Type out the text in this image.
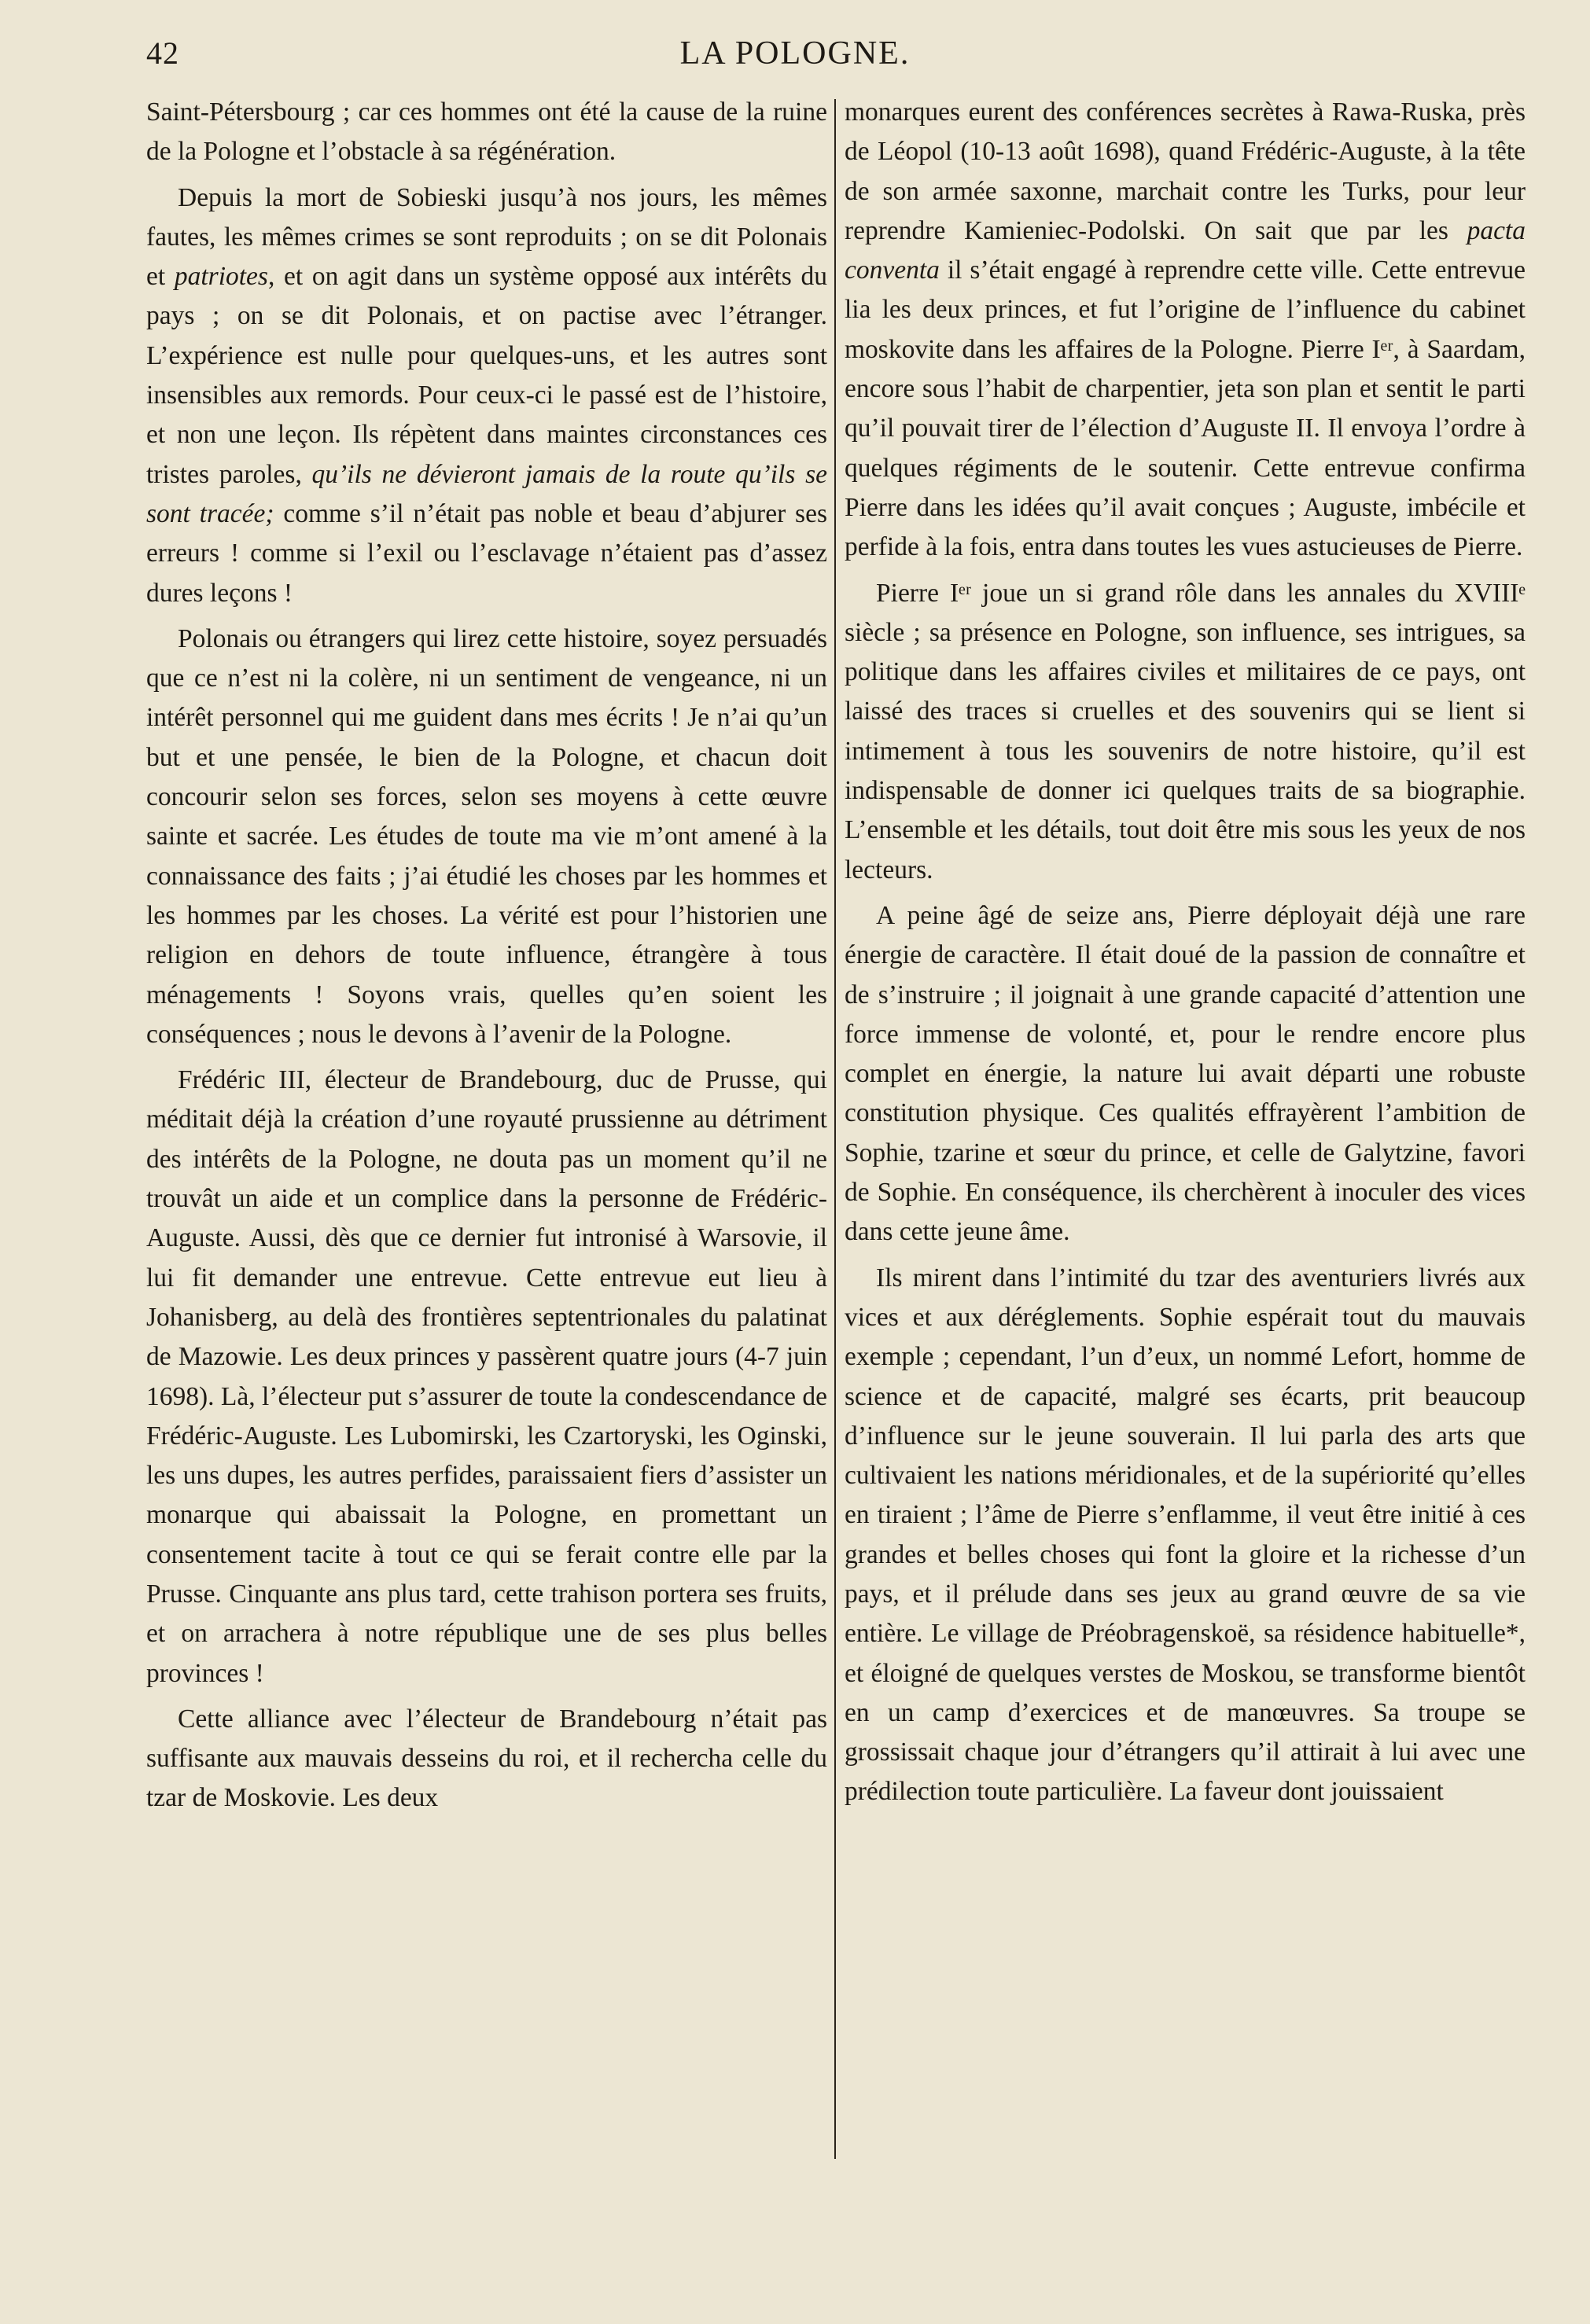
42	LA POLOGNE.

Saint-Pétersbourg ; car ces hommes ont été la cause de la ruine de la Pologne et l’obstacle à sa régénération.

Depuis la mort de Sobieski jusqu’à nos jours, les mêmes fautes, les mêmes crimes se sont reproduits ; on se dit Polonais et patriotes, et on agit dans un système opposé aux intérêts du pays ; on se dit Polonais, et on pactise avec l’étranger. L’expérience est nulle pour quelques-uns, et les autres sont insensibles aux remords. Pour ceux-ci le passé est de l’histoire, et non une leçon. Ils répètent dans maintes circonstances ces tristes paroles, qu’ils ne dévieront jamais de la route qu’ils se sont tracée; comme s’il n’était pas noble et beau d’abjurer ses erreurs ! comme si l’exil ou l’esclavage n’étaient pas d’assez dures leçons !

Polonais ou étrangers qui lirez cette histoire, soyez persuadés que ce n’est ni la colère, ni un sentiment de vengeance, ni un intérêt personnel qui me guident dans mes écrits ! Je n’ai qu’un but et une pensée, le bien de la Pologne, et chacun doit concourir selon ses forces, selon ses moyens à cette œuvre sainte et sacrée. Les études de toute ma vie m’ont amené à la connaissance des faits ; j’ai étudié les choses par les hommes et les hommes par les choses. La vérité est pour l’historien une religion en dehors de toute influence, étrangère à tous ménagements ! Soyons vrais, quelles qu’en soient les conséquences ; nous le devons à l’avenir de la Pologne.

Frédéric III, électeur de Brandebourg, duc de Prusse, qui méditait déjà la création d’une royauté prussienne au détriment des intérêts de la Pologne, ne douta pas un moment qu’il ne trouvât un aide et un complice dans la personne de Frédéric-Auguste. Aussi, dès que ce dernier fut intronisé à Warsovie, il lui fit demander une entrevue. Cette entrevue eut lieu à Johanisberg, au delà des frontières septentrionales du palatinat de Mazowie. Les deux princes y passèrent quatre jours (4-7 juin 1698). Là, l’électeur put s’assurer de toute la condescendance de Frédéric-Auguste. Les Lubomirski, les Czartoryski, les Oginski, les uns dupes, les autres perfides, paraissaient fiers d’assister un monarque qui abaissait la Pologne, en promettant un consentement tacite à tout ce qui se ferait contre elle par la Prusse. Cinquante ans plus tard, cette trahison portera ses fruits, et on arrachera à notre république une de ses plus belles provinces !

Cette alliance avec l’électeur de Brandebourg n’était pas suffisante aux mauvais desseins du roi, et il rechercha celle du tzar de Moskovie. Les deux

monarques eurent des conférences secrètes à Rawa-Ruska, près de Léopol (10-13 août 1698), quand Frédéric-Auguste, à la tête de son armée saxonne, marchait contre les Turks, pour leur reprendre Kamieniec-Podolski. On sait que par les pacta conventa il s’était engagé à reprendre cette ville. Cette entrevue lia les deux princes, et fut l’origine de l’influence du cabinet moskovite dans les affaires de la Pologne. Pierre Iᵉʳ, à Saardam, encore sous l’habit de charpentier, jeta son plan et sentit le parti qu’il pouvait tirer de l’élection d’Auguste II. Il envoya l’ordre à quelques régiments de le soutenir. Cette entrevue confirma Pierre dans les idées qu’il avait conçues ; Auguste, imbécile et perfide à la fois, entra dans toutes les vues astucieuses de Pierre.

Pierre Iᵉʳ joue un si grand rôle dans les annales du XVIIIᵉ siècle ; sa présence en Pologne, son influence, ses intrigues, sa politique dans les affaires civiles et militaires de ce pays, ont laissé des traces si cruelles et des souvenirs qui se lient si intimement à tous les souvenirs de notre histoire, qu’il est indispensable de donner ici quelques traits de sa biographie. L’ensemble et les détails, tout doit être mis sous les yeux de nos lecteurs.

A peine âgé de seize ans, Pierre déployait déjà une rare énergie de caractère. Il était doué de la passion de connaître et de s’instruire ; il joignait à une grande capacité d’attention une force immense de volonté, et, pour le rendre encore plus complet en énergie, la nature lui avait départi une robuste constitution physique. Ces qualités effrayèrent l’ambition de Sophie, tzarine et sœur du prince, et celle de Galytzine, favori de Sophie. En conséquence, ils cherchèrent à inoculer des vices dans cette jeune âme.

Ils mirent dans l’intimité du tzar des aventuriers livrés aux vices et aux déréglements. Sophie espérait tout du mauvais exemple ; cependant, l’un d’eux, un nommé Lefort, homme de science et de capacité, malgré ses écarts, prit beaucoup d’influence sur le jeune souverain. Il lui parla des arts que cultivaient les nations méridionales, et de la supériorité qu’elles en tiraient ; l’âme de Pierre s’enflamme, il veut être initié à ces grandes et belles choses qui font la gloire et la richesse d’un pays, et il prélude dans ses jeux au grand œuvre de sa vie entière. Le village de Préobragenskoë, sa résidence habituelle*, et éloigné de quelques verstes de Moskou, se transforme bientôt en un camp d’exercices et de manœuvres. Sa troupe se grossissait chaque jour d’étrangers qu’il attirait à lui avec une prédilection toute particulière. La faveur dont jouissaient
